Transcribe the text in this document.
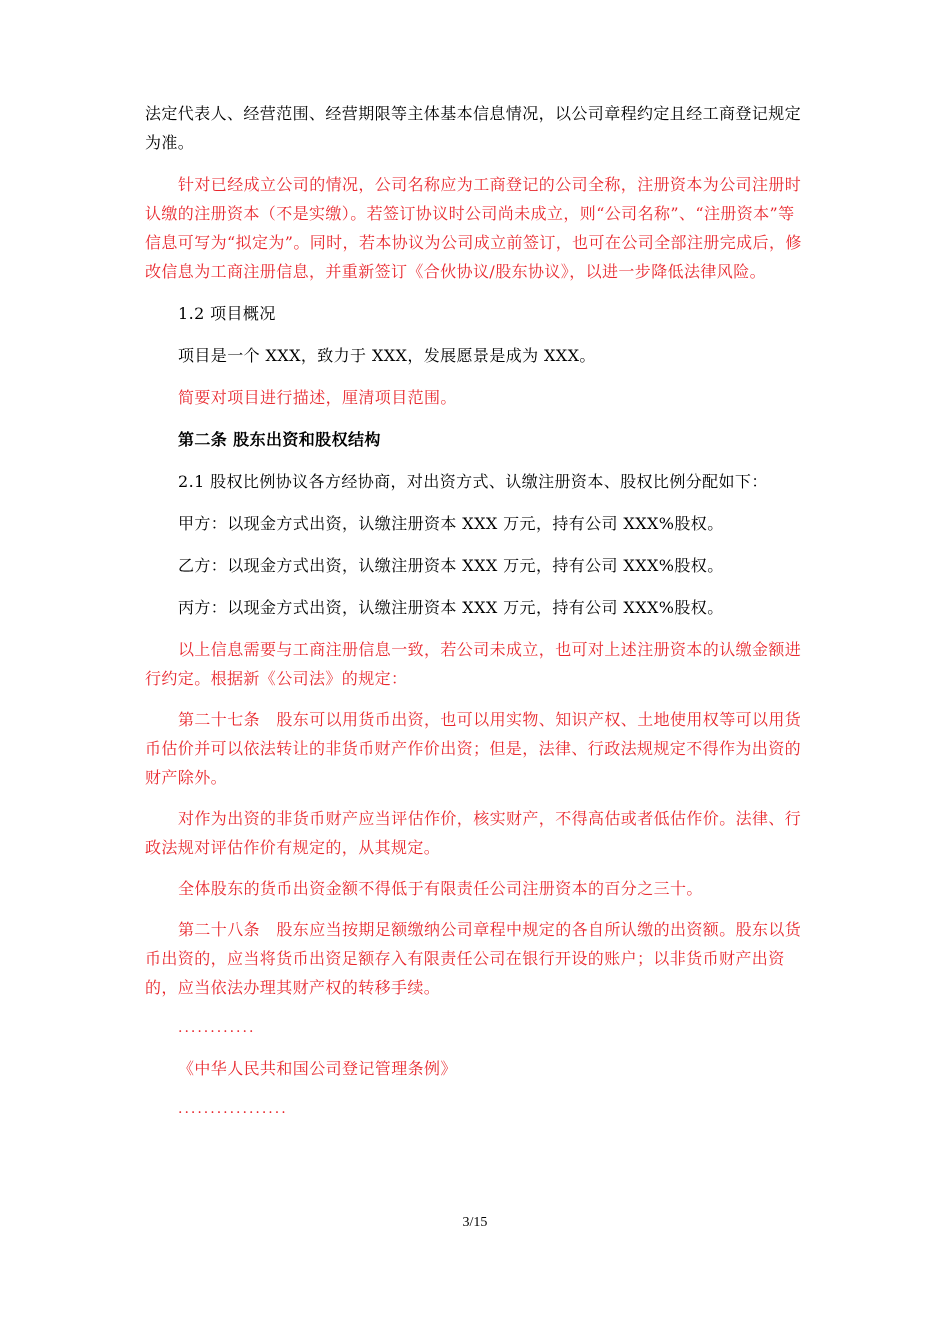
法定代表人、经营范围、经营期限等主体基本信息情况，以公司章程约定且经工商登记规定为准。

针对已经成立公司的情况，公司名称应为工商登记的公司全称，注册资本为公司注册时认缴的注册资本（不是实缴）。若签订协议时公司尚未成立，则“公司名称”、“注册资本”等信息可写为“拟定为”。同时，若本协议为公司成立前签订，也可在公司全部注册完成后，修改信息为工商注册信息，并重新签订《合伙协议/股东协议》，以进一步降低法律风险。

1.2 项目概况

项目是一个 XXX，致力于 XXX，发展愿景是成为 XXX。

简要对项目进行描述，厘清项目范围。

第二条 股东出资和股权结构

2.1 股权比例协议各方经协商，对出资方式、认缴注册资本、股权比例分配如下：

甲方：以现金方式出资，认缴注册资本 XXX 万元，持有公司 XXX%股权。

乙方：以现金方式出资，认缴注册资本 XXX 万元，持有公司 XXX%股权。

丙方：以现金方式出资，认缴注册资本 XXX 万元，持有公司 XXX%股权。

以上信息需要与工商注册信息一致，若公司未成立，也可对上述注册资本的认缴金额进行约定。根据新《公司法》的规定：

第二十七条　股东可以用货币出资，也可以用实物、知识产权、土地使用权等可以用货币估价并可以依法转让的非货币财产作价出资；但是，法律、行政法规规定不得作为出资的财产除外。

对作为出资的非货币财产应当评估作价，核实财产，不得高估或者低估作价。法律、行政法规对评估作价有规定的，从其规定。

全体股东的货币出资金额不得低于有限责任公司注册资本的百分之三十。

第二十八条　股东应当按期足额缴纳公司章程中规定的各自所认缴的出资额。股东以货币出资的，应当将货币出资足额存入有限责任公司在银行开设的账户；以非货币财产出资的，应当依法办理其财产权的转移手续。

............

《中华人民共和国公司登记管理条例》

.................

3/15
